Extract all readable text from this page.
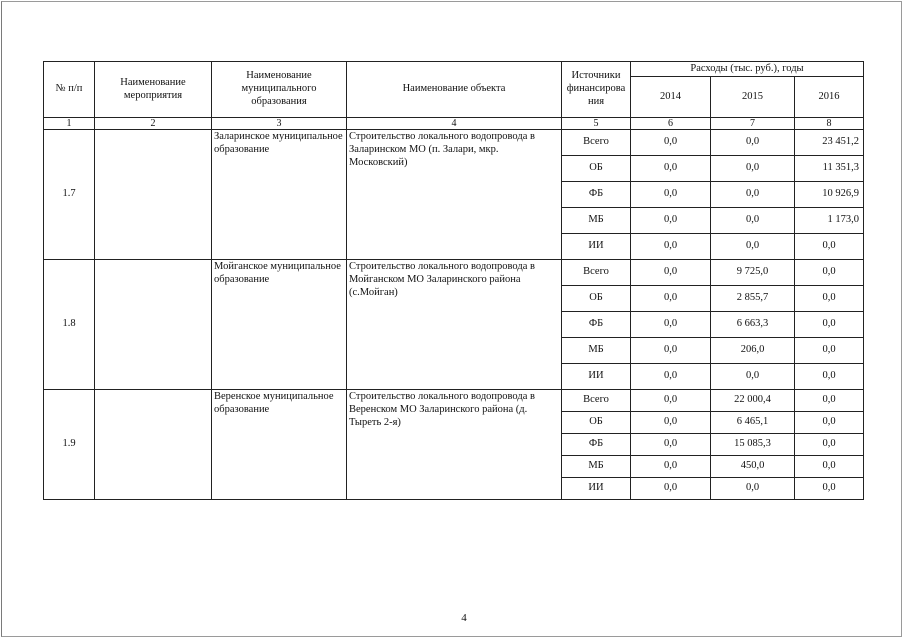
№ п/п	Наименование мероприятия	Наименование муниципального образования	Наименование объекта	Источники финансирова ния	Расходы (тыс. руб.), годы		
					2014	2015	2016
1	2	3	4	5	6	7	8
1.7		Заларинское муниципальное образование	Строительство локального водопровода в Заларинском МО (п. Залари, мкр. Московский)	Всего	0,0	0,0	23 451,2
				ОБ	0,0	0,0	11 351,3
				ФБ	0,0	0,0	10 926,9
				МБ	0,0	0,0	1 173,0
				ИИ	0,0	0,0	0,0
1.8		Мойганское муниципальное образование	Строительство локального водопровода в Мойганском МО Заларинского района (с.Мойган)	Всего	0,0	9 725,0	0,0
				ОБ	0,0	2 855,7	0,0
				ФБ	0,0	6 663,3	0,0
				МБ	0,0	206,0	0,0
				ИИ	0,0	0,0	0,0
1.9		Веренское муниципальное образование	Строительство локального водопровода в Веренском МО Заларинского района (д. Тыреть 2-я)	Всего	0,0	22 000,4	0,0
				ОБ	0,0	6 465,1	0,0
				ФБ	0,0	15 085,3	0,0
				МБ	0,0	450,0	0,0
				ИИ	0,0	0,0	0,0
4
